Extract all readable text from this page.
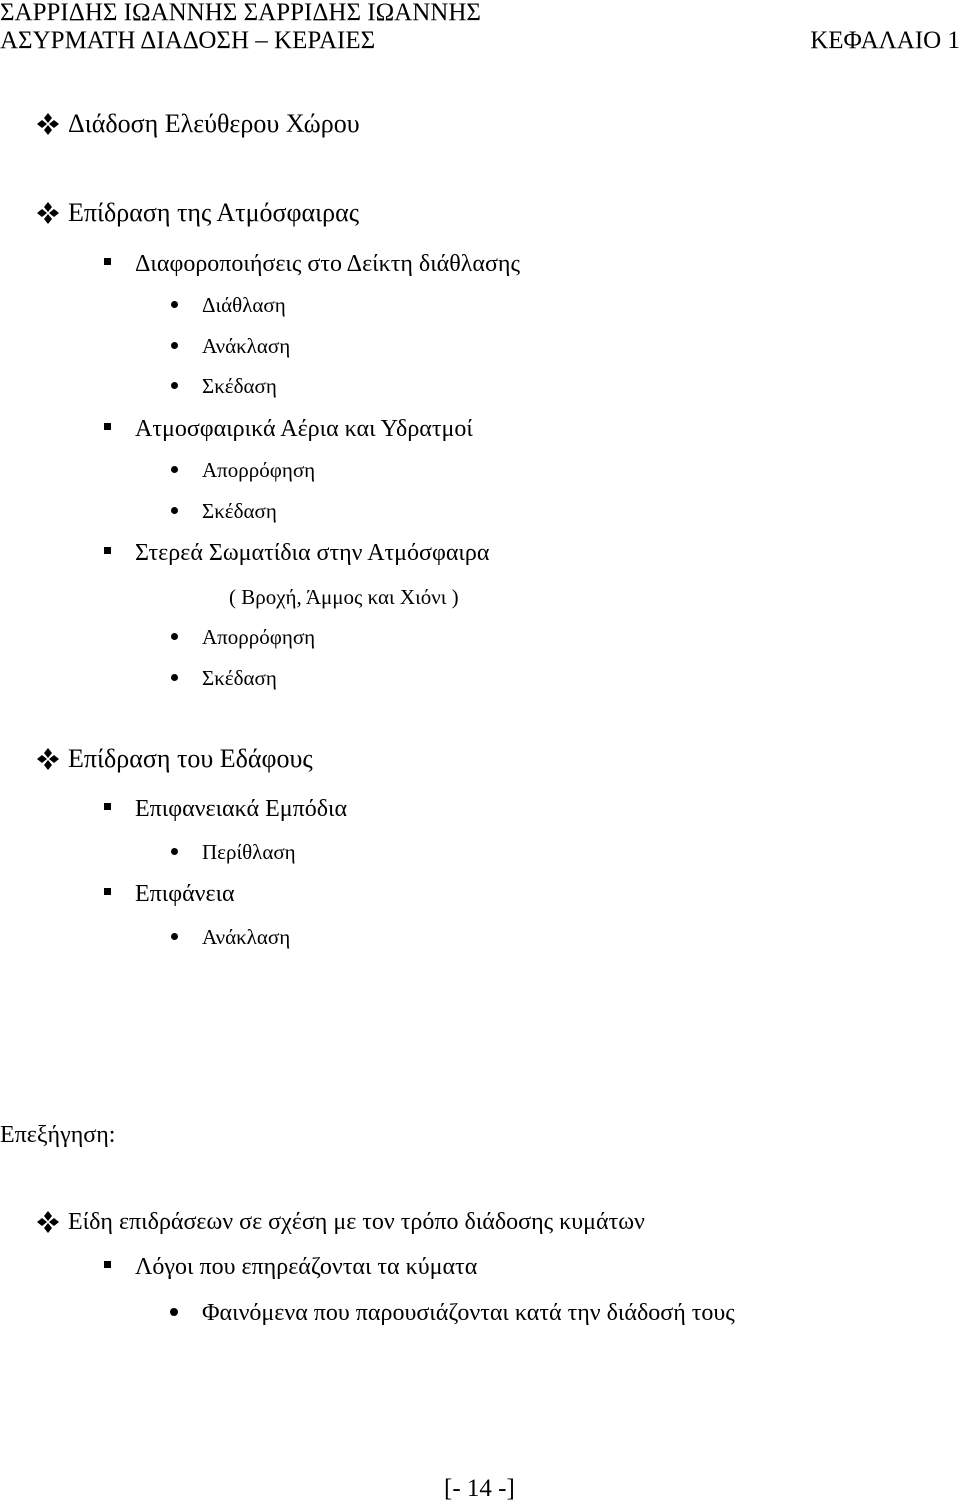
ΣΑΡΡΙΔΗΣ ΙΩΑΝΝΗΣ ΣΑΡΡΙΔΗΣ ΙΩΑΝΝΗΣ
ΑΣΥΡΜΑΤΗ ΔΙΑΔΟΣΗ – ΚΕΡΑΙΕΣ	ΚΕΦΑΛΑΙΟ 1
Διάδοση Ελεύθερου Χώρου
Επίδραση της Ατμόσφαιρας
Διαφοροποιήσεις στο Δείκτη διάθλασης
Διάθλαση
Ανάκλαση
Σκέδαση
Ατμοσφαιρικά Αέρια και Υδρατμοί
Απορρόφηση
Σκέδαση
Στερεά Σωματίδια στην Ατμόσφαιρα
( Βροχή, Άμμος και Χιόνι )
Απορρόφηση
Σκέδαση
Επίδραση του Εδάφους
Επιφανειακά Εμπόδια
Περίθλαση
Επιφάνεια
Ανάκλαση
Επεξήγηση:
Είδη επιδράσεων σε σχέση με τον τρόπο διάδοσης κυμάτων
Λόγοι που επηρεάζονται τα κύματα
Φαινόμενα που παρουσιάζονται κατά την διάδοσή τους
[- 14 -]
